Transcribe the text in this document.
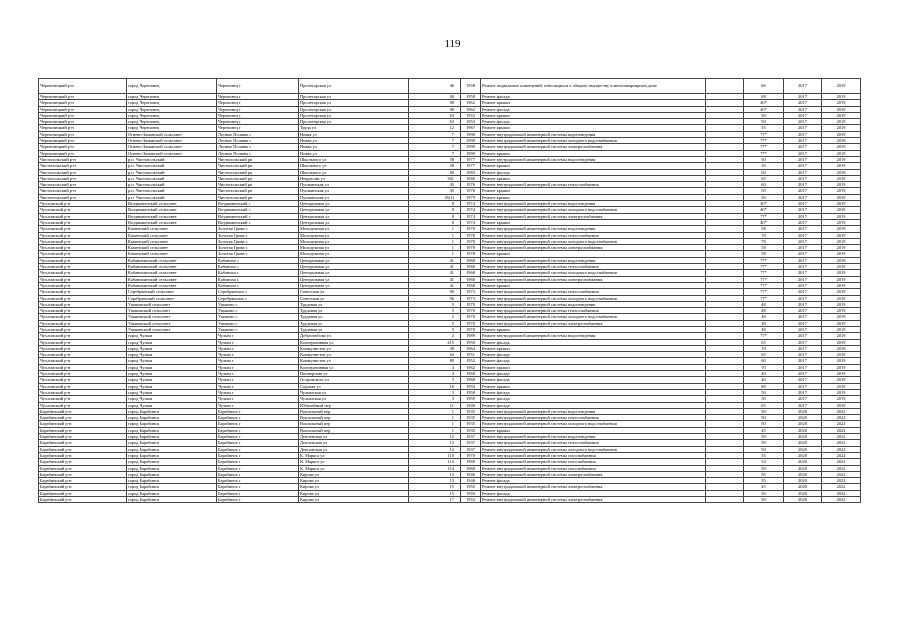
119
Череповецкий р-н	город Череповец	Череповец г	Пролетарская ул	40	1958	Ремонт подвальных помещений, относящихся к общему имуществу в многоквартирном доме		66	2017	2019
Череповецкий р-н	город Череповец	Череповец г	Пролетарская ул	40	1958	Ремонт фасада		68	2017	2019
Череповецкий р-н	город Череповец	Череповец г	Пролетарская ул	98	1962	Ремонт крыши		40*	2017	2019
Череповецкий р-н	город Череповец	Череповец г	Пролетарская ул	98	1962	Ремонт фасада		40*	2017	2019
Череповецкий р-н	город Череповец	Череповец г	Пролетарская ул	63	1953	Ремонт крыши		50	2017	2019
Череповецкий р-н	город Череповец	Череповец г	Пролетарская ул	63	1953	Ремонт фасада		50	2017	2019
Череповецкий р-н	город Череповец	Череповец г	Труда ул	12	1967	Ремонт крыши		55	2017	2019
Череповецкий р-н	Огнево-Заманской сельсовет	Лесные Поляны с	Новая ул	7	1990	Ремонт внутридомовой инженерной системы водоотведения		77*	2017	2019
Череповецкий р-н	Огнево-Заманской сельсовет	Лесные Поляны с	Новая ул	7	1990	Ремонт внутридомовой инженерной системы холодного водоснабжения		77*	2017	2019
Череповецкий р-н	Огнево-Заманской сельсовет	Лесные Поляны с	Новая ул	7	1990	Ремонт внутридомовой инженерной системы электроснабжения		77*	2017	2019
Череповецкий р-н	Огнево-Заманской сельсовет	Лесные Поляны с	Новая ул	7	1990	Ремонт крыши		77*	2017	2019
Чистопольский р-н	р.п. Чистопольский	Чистопольский рп	Школьного ул	58	1977	Ремонт внутридомовой инженерной системы водоотведения		50	2017	2019
Чистопольский р-н	р.п. Чистопольский	Чистопольский рп	Школьного ул	58	1977	Ремонт крыши		50	2017	2019
Чистопольский р-н	р.п. Чистопольский	Чистопольский рп	Школьного ул	60	1983	Ремонт фасада		60	2017	2019
Чистопольский р-н	р.п. Чистопольский	Чистопольский рп	Некрасова ул	361	1960	Ремонт крыши		65	2017	2019
Чистопольский р-н	р.п. Чистопольский	Чистопольский рп	Пушкинская ул	45	1976	Ремонт внутридомовой инженерной системы теплоснабжения		60	2017	2019
Чистопольский р-н	р.п. Чистопольский	Чистопольский рп	Пушкинская ул	45	1976	Ремонт крыши		50	2017	2019
Чистопольский р-н	р.п. Чистопольский	Чистопольский рп	Пушкинская ул	45(1)	1979	Ремонт крыши		50	2017	2019
Чухломский р-н	Воздвиженский сельсовет	Воздвиженский с	Центральная ул	8	1974	Ремонт внутридомовой инженерной системы водоотведения		40*	2017	2019
Чухломский р-н	Воздвиженский сельсовет	Воздвиженский с	Центральная ул	8	1974	Ремонт внутридомовой инженерной системы холодного водоснабжения		40*	2017	2019
Чухломский р-н	Воздвиженский сельсовет	Воздвиженский с	Центральная ул	8	1974	Ремонт внутридомовой инженерной системы электроснабжения		77*	2017	2019
Чухломский р-н	Воздвиженский сельсовет	Воздвиженский с	Центральная ул	8	1974	Ремонт крыши		40*	2017	2019
Чухломский р-н	Каменский сельсовет	Золотая Грива с	Молодежная ул	1	1978	Ремонт внутридомовой инженерной системы водоотведения		58	2017	2019
Чухломский р-н	Каменский сельсовет	Золотая Грива с	Молодежная ул	1	1978	Ремонт внутридомовой инженерной системы теплоснабжения		78	2017	2019
Чухломский р-н	Каменский сельсовет	Золотая Грива с	Молодежная ул	1	1978	Ремонт внутридомовой инженерной системы холодного водоснабжения		78	2017	2019
Чухломский р-н	Каменский сельсовет	Золотая Грива с	Молодежная ул	1	1978	Ремонт внутридомовой инженерной системы электроснабжения		58	2017	2019
Чухломский р-н	Каменский сельсовет	Золотая Грива с	Молодежная ул	1	1978	Ремонт крыши		58	2017	2019
Чухломский р-н	Кабанихинский сельсовет	Кабаниха с	Центральная ул	41	1968	Ремонт внутридомовой инженерной системы водоотведения		77*	2017	2019
Чухломский р-н	Кабанихинский сельсовет	Кабаниха с	Центральная ул	41	1968	Ремонт внутридомовой инженерной системы теплоснабжения		77*	2017	2019
Чухломский р-н	Кабанихинский сельсовет	Кабаниха с	Центральная ул	41	1968	Ремонт внутридомовой инженерной системы холодного водоснабжения		77*	2017	2019
Чухломский р-н	Кабанихинский сельсовет	Кабаниха с	Центральная ул	41	1968	Ремонт внутридомовой инженерной системы электроснабжения		77*	2017	2019
Чухломский р-н	Кабанихинский сельсовет	Кабаниха с	Центральная ул	41	1968	Ремонт крыши		77*	2017	2019
Чухломский р-н	Серебрянский сельсовет	Серебрянское с	Советская ул	96	1973	Ремонт внутридомовой инженерной системы теплоснабжения		77*	2017	2019
Чухломский р-н	Серебрянский сельсовет	Серебрянское с	Советская ул	96	1973	Ремонт внутридомовой инженерной системы холодного водоснабжения		77*	2017	2019
Чухломский р-н	Ушаковский сельсовет	Ушаково с	Трудовая ул	5	1970	Ремонт внутридомовой инженерной системы водоотведения		48	2017	2019
Чухломский р-н	Ушаковский сельсовет	Ушаково с	Трудовая ул	5	1970	Ремонт внутридомовой инженерной системы теплоснабжения		48	2017	2019
Чухломский р-н	Ушаковский сельсовет	Ушаково с	Трудовая ул	5	1970	Ремонт внутридомовой инженерной системы холодного водоснабжения		48	2017	2019
Чухломский р-н	Ушаковский сельсовет	Ушаково с	Трудовая ул	5	1970	Ремонт внутридомовой инженерной системы электроснабжения		48	2017	2019
Чухломский р-н	Ушаковский сельсовет	Ушаково с	Трудовая ул	5	1970	Ремонт крыши		48	2017	2019
Чухломский р-н	город Чулым	Чулым г	Добролюбова ул	2	1989	Ремонт внутридомовой инженерной системы водоотведения		77*	2017	2019
Чухломский р-н	город Чулым	Чулым г	Кооперативная ул	415	1950	Ремонт фасада		65	2017	2019
Чухломский р-н	город Чулым	Чулым г	Коммунистов ул	38	1964	Ремонт крыши		70	2017	2019
Чухломский р-н	город Чулым	Чулым г	Коммунистов ул	64	1951	Ремонт фасада		65	2017	2019
Чухломский р-н	город Чулым	Чулым г	Коммунистов ул	80	1952	Ремонт фасада		60	2017	2019
Чухломский р-н	город Чулым	Чулым г	Кооперативная ул	4	1962	Ремонт крыши		70	2017	2019
Чухломский р-н	город Чулым	Чулым г	Пионерская ул	4	1968	Ремонт фасада		40	2017	2019
Чухломский р-н	город Чулым	Чулым г	Островского ул	3	1968	Ремонт фасада		40	2017	2019
Чухломский р-н	город Чулым	Чулым г	Садовая ул	16	1994	Ремонт крыши		80	2017	2019
Чухломский р-н	город Чулым	Чулым г	Чулымская ул	3	1958	Ремонт фасада		50	2017	2019
Чухломский р-н	город Чулым	Чулым г	Чулымская ул	3	1959	Ремонт фасада		50	2017	2019
Чухломский р-н	город Чулым	Чулым г	Юбилейный пер	11	1940	Ремонт фасада		65	2017	2019
Барабинский р-н	город Барабинск	Барабинск г	Вокзальный пер	1	1935	Ремонт внутридомовой инженерной системы водоотведения		50	2020	2022
Барабинский р-н	город Барабинск	Барабинск г	Вокзальный пер	1	1935	Ремонт внутридомовой инженерной системы теплоснабжения		50	2020	2022
Барабинский р-н	город Барабинск	Барабинск г	Вокзальный пер	1	1935	Ремонт внутридомовой инженерной системы холодного водоснабжения		50	2020	2022
Барабинский р-н	город Барабинск	Барабинск г	Вокзальный пер	1	1935	Ремонт крыши		45	2020	2022
Барабинский р-н	город Барабинск	Барабинск г	Депповская ул	12	1937	Ремонт внутридомовой инженерной системы водоотведения		50	2020	2022
Барабинский р-н	город Барабинск	Барабинск г	Депповская ул	12	1937	Ремонт внутридомовой инженерной системы теплоснабжения		50	2020	2022
Барабинский р-н	город Барабинск	Барабинск г	Депповская ул	12	1937	Ремонт внутридомовой инженерной системы холодного водоснабжения		50	2020	2022
Барабинский р-н	город Барабинск	Барабинск г	К. Маркса ул	110	1970	Ремонт внутридомовой инженерной системы газоснабжения		55	2020	2022
Барабинский р-н	город Барабинск	Барабинск г	К. Маркса ул	112	1969	Ремонт внутридомовой инженерной системы газоснабжения		54	2020	2022
Барабинский р-н	город Барабинск	Барабинск г	К. Маркса ул	114	1968	Ремонт внутридомовой инженерной системы газоснабжения		50	2020	2022
Барабинский р-н	город Барабинск	Барабинск г	Кирова ул	13	1946	Ремонт внутридомовой инженерной системы электроснабжения		50	2020	2022
Барабинский р-н	город Барабинск	Барабинск г	Кирова ул	13	1946	Ремонт фасада		55	2020	2022
Барабинский р-н	город Барабинск	Барабинск г	Кирова ул	15	1950	Ремонт внутридомовой инженерной системы электроснабжения		45	2020	2022
Барабинский р-н	город Барабинск	Барабинск г	Кирова ул	15	1950	Ремонт фасада		50	2020	2022
Барабинский р-н	город Барабинск	Барабинск г	Кирова ул	17	1952	Ремонт внутридомовой инженерной системы электроснабжения		50	2020	2022
